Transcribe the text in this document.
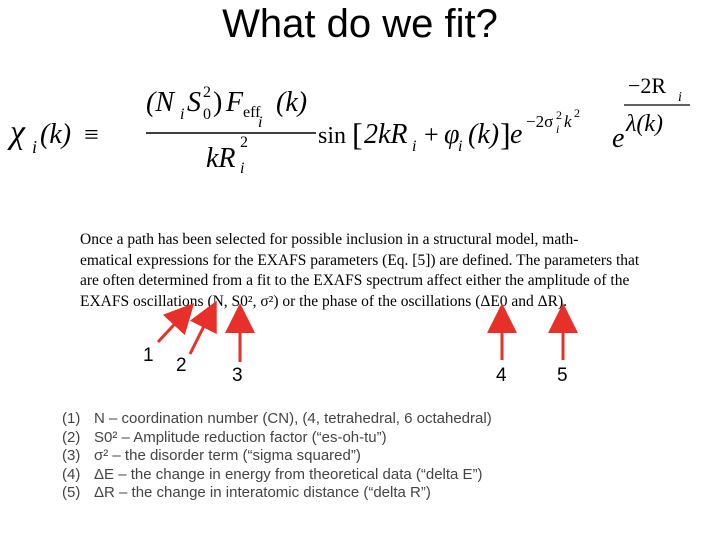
What do we fit?
χ i (k) ≡
(N i S 2
0 ) F eff
i
(k)
kR
2
i
sin [ 2kR i + φ
i (k) ] e −2σ 2
i k 2
e
−2R i
λ(k)
Once a path has been selected for possible inclusion in a structural model, math-
ematical expressions for the EXAFS parameters (Eq. [5]) are defined. The parameters that
are often determined from a fit to the EXAFS spectrum affect either the amplitude of the
EXAFS oscillations (N, S0², σ²) or the phase of the oscillations (ΔE0 and ΔR).
1 2 3	4	5
(1) N – coordination number (CN), (4, tetrahedral, 6 octahedral)
(2) S0² – Amplitude reduction factor (“es-oh-tu”)
(3) σ² – the disorder term (“sigma squared”)
(4) ΔE – the change in energy from theoretical data (“delta E”)
(5) ΔR – the change in interatomic distance (“delta R”)
